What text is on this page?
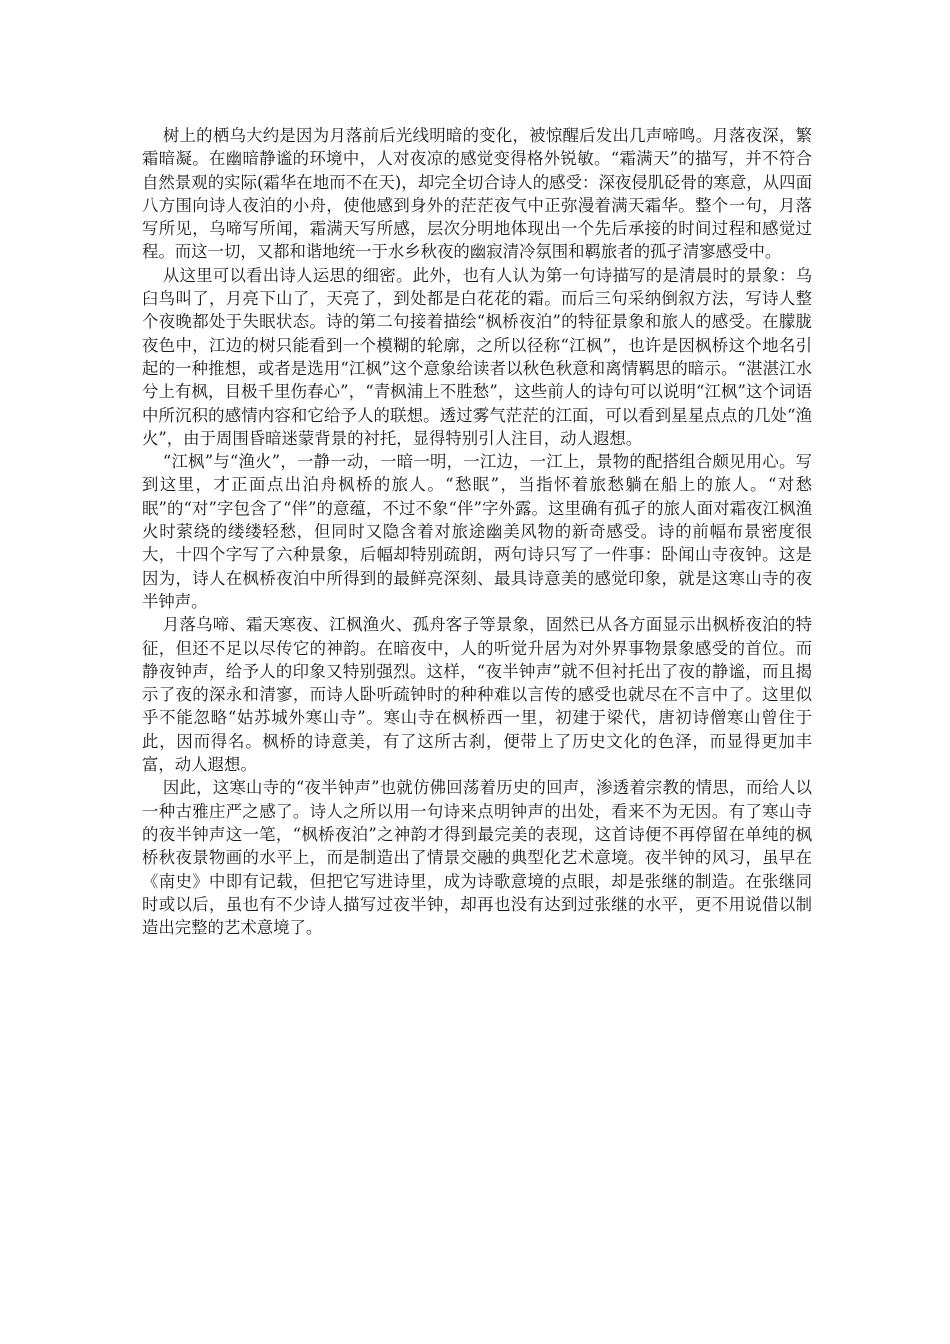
树上的栖乌大约是因为月落前后光线明暗的变化，被惊醒后发出几声啼鸣。月落夜深，繁霜暗凝。在幽暗静谧的环境中，人对夜凉的感觉变得格外锐敏。“霜满天”的描写，并不符合自然景观的实际(霜华在地而不在天)，却完全切合诗人的感受：深夜侵肌砭骨的寒意，从四面八方围向诗人夜泊的小舟，使他感到身外的茫茫夜气中正弥漫着满天霜华。整个一句，月落写所见，乌啼写所闻，霜满天写所感，层次分明地体现出一个先后承接的时间过程和感觉过程。而这一切，又都和谐地统一于水乡秋夜的幽寂清冷氛围和羁旅者的孤孑清寥感受中。

从这里可以看出诗人运思的细密。此外，也有人认为第一句诗描写的是清晨时的景象：乌臼鸟叫了，月亮下山了，天亮了，到处都是白花花的霜。而后三句采纳倒叙方法，写诗人整个夜晚都处于失眠状态。诗的第二句接着描绘“枫桥夜泊”的特征景象和旅人的感受。在朦胧夜色中，江边的树只能看到一个模糊的轮廓，之所以径称“江枫”，也许是因枫桥这个地名引起的一种推想，或者是选用“江枫”这个意象给读者以秋色秋意和离情羁思的暗示。“湛湛江水兮上有枫，目极千里伤春心”，“青枫浦上不胜愁”，这些前人的诗句可以说明“江枫”这个词语中所沉积的感情内容和它给予人的联想。透过雾气茫茫的江面，可以看到星星点点的几处“渔火”，由于周围昏暗迷蒙背景的衬托，显得特别引人注目，动人遐想。

“江枫”与“渔火”，一静一动，一暗一明，一江边，一江上，景物的配搭组合颇见用心。写到这里，才正面点出泊舟枫桥的旅人。“愁眠”，当指怀着旅愁躺在船上的旅人。“对愁眠”的“对”字包含了“伴”的意蕴，不过不象“伴”字外露。这里确有孤孑的旅人面对霜夜江枫渔火时萦绕的缕缕轻愁，但同时又隐含着对旅途幽美风物的新奇感受。诗的前幅布景密度很大，十四个字写了六种景象，后幅却特别疏朗，两句诗只写了一件事：卧闻山寺夜钟。这是因为，诗人在枫桥夜泊中所得到的最鲜亮深刻、最具诗意美的感觉印象，就是这寒山寺的夜半钟声。

月落乌啼、霜天寒夜、江枫渔火、孤舟客子等景象，固然已从各方面显示出枫桥夜泊的特征，但还不足以尽传它的神韵。在暗夜中，人的听觉升居为对外界事物景象感受的首位。而静夜钟声，给予人的印象又特别强烈。这样，“夜半钟声”就不但衬托出了夜的静谧，而且揭示了夜的深永和清寥，而诗人卧听疏钟时的种种难以言传的感受也就尽在不言中了。这里似乎不能忽略“姑苏城外寒山寺”。寒山寺在枫桥西一里，初建于梁代，唐初诗僧寒山曾住于此，因而得名。枫桥的诗意美，有了这所古刹，便带上了历史文化的色泽，而显得更加丰富，动人遐想。

因此，这寒山寺的“夜半钟声”也就仿佛回荡着历史的回声，渗透着宗教的情思，而给人以一种古雅庄严之感了。诗人之所以用一句诗来点明钟声的出处，看来不为无因。有了寒山寺的夜半钟声这一笔，“枫桥夜泊”之神韵才得到最完美的表现，这首诗便不再停留在单纯的枫桥秋夜景物画的水平上，而是制造出了情景交融的典型化艺术意境。夜半钟的风习，虽早在《南史》中即有记载，但把它写进诗里，成为诗歌意境的点眼，却是张继的制造。在张继同时或以后，虽也有不少诗人描写过夜半钟，却再也没有达到过张继的水平，更不用说借以制造出完整的艺术意境了。
